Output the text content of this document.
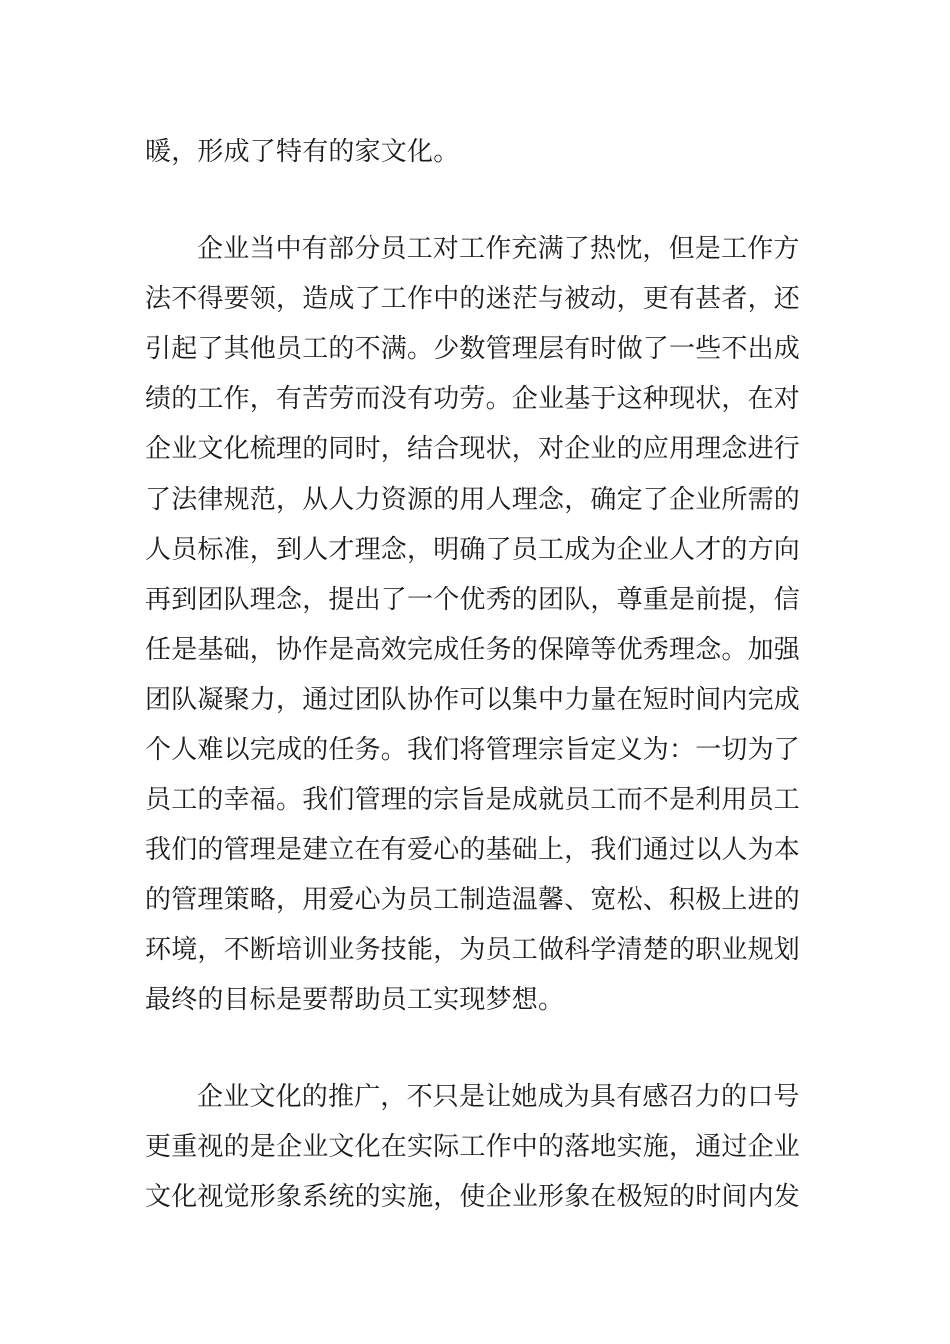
暖，形成了特有的家文化。
企业当中有部分员工对工作充满了热忱，但是工作方
法不得要领，造成了工作中的迷茫与被动，更有甚者，还
引起了其他员工的不满。少数管理层有时做了一些不出成
绩的工作，有苦劳而没有功劳。企业基于这种现状，在对
企业文化梳理的同时，结合现状，对企业的应用理念进行
了法律规范，从人力资源的用人理念，确定了企业所需的
人员标准，到人才理念，明确了员工成为企业人才的方向
再到团队理念，提出了一个优秀的团队，尊重是前提，信
任是基础，协作是高效完成任务的保障等优秀理念。加强
团队凝聚力，通过团队协作可以集中力量在短时间内完成
个人难以完成的任务。我们将管理宗旨定义为：一切为了
员工的幸福。我们管理的宗旨是成就员工而不是利用员工
我们的管理是建立在有爱心的基础上，我们通过以人为本
的管理策略，用爱心为员工制造温馨、宽松、积极上进的
环境，不断培训业务技能，为员工做科学清楚的职业规划
最终的目标是要帮助员工实现梦想。
企业文化的推广，不只是让她成为具有感召力的口号
更重视的是企业文化在实际工作中的落地实施，通过企业
文化视觉形象系统的实施，使企业形象在极短的时间内发
